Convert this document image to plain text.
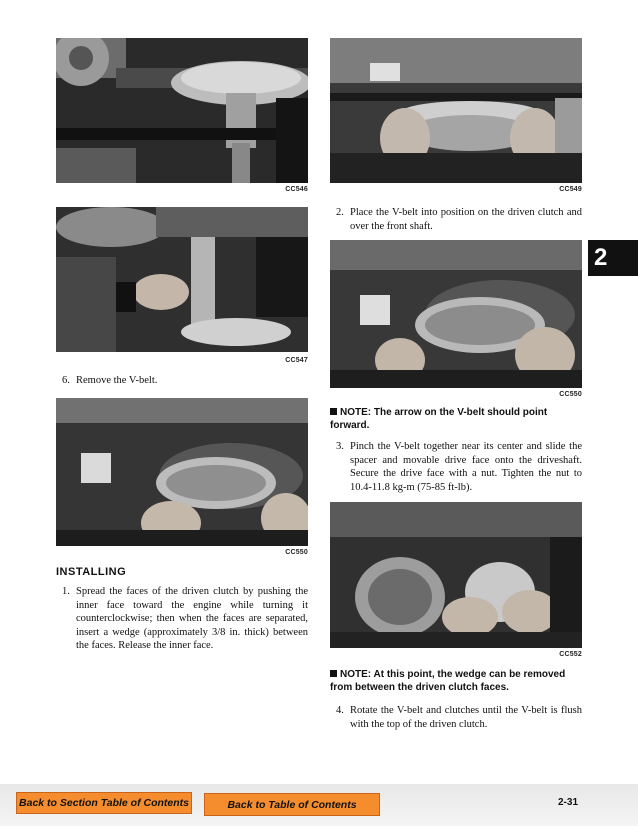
CC546	CC549
CC547
CC550
CC550
CC552
2. Place the V-belt into position on the driven clutch and over the front shaft.
2
NOTE: The arrow on the V-belt should point forward.
3. Pinch the V-belt together near its center and slide the spacer and movable drive face onto the driveshaft. Secure the drive face with a nut. Tighten the nut to 10.4-11.8 kg-m (75-85 ft-lb).
NOTE: At this point, the wedge can be removed from between the driven clutch faces.
4. Rotate the V-belt and clutches until the V-belt is flush with the top of the driven clutch.
6. Remove the V-belt.
INSTALLING
1. Spread the faces of the driven clutch by pushing the inner face toward the engine while turning it counterclockwise; then when the faces are separated, insert a wedge (approximately 3/8 in. thick) between the faces. Release the inner face.
Back to Section Table of Contents	Back to Table of Contents	2-31
